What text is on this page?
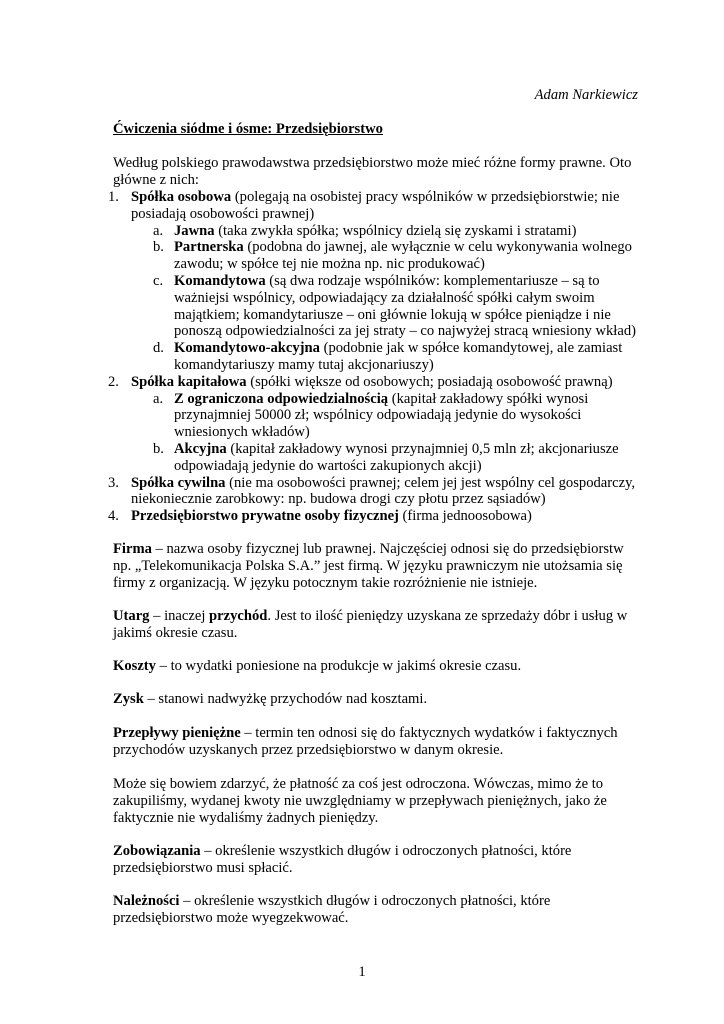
Adam Narkiewicz
Ćwiczenia siódme i ósme: Przedsiębiorstwo
Według polskiego prawodawstwa przedsiębiorstwo może mieć różne formy prawne. Oto główne z nich:
1. Spółka osobowa (polegają na osobistej pracy wspólników w przedsiębiorstwie; nie posiadają osobowości prawnej)
a. Jawna (taka zwykła spółka; wspólnicy dzielą się zyskami i stratami)
b. Partnerska (podobna do jawnej, ale wyłącznie w celu wykonywania wolnego zawodu; w spółce tej nie można np. nic produkować)
c. Komandytowa (są dwa rodzaje wspólników: komplementariusze – są to ważniejsi wspólnicy, odpowiadający za działalność spółki całym swoim majątkiem; komandytariusze – oni głównie lokują w spółce pieniądze i nie ponoszą odpowiedzialności za jej straty – co najwyżej stracą wniesiony wkład)
d. Komandytowo-akcyjna (podobnie jak w spółce komandytowej, ale zamiast komandytariuszy mamy tutaj akcjonariuszy)
2. Spółka kapitałowa (spółki większe od osobowych; posiadają osobowość prawną)
a. Z ograniczona odpowiedzialnością (kapitał zakładowy spółki wynosi przynajmniej 50000 zł; wspólnicy odpowiadają jedynie do wysokości wniesionych wkładów)
b. Akcyjna (kapitał zakładowy wynosi przynajmniej 0,5 mln zł; akcjonariusze odpowiadają jedynie do wartości zakupionych akcji)
3. Spółka cywilna (nie ma osobowości prawnej; celem jej jest wspólny cel gospodarczy, niekoniecznie zarobkowy: np. budowa drogi czy płotu przez sąsiadów)
4. Przedsiębiorstwo prywatne osoby fizycznej (firma jednoosobowa)
Firma – nazwa osoby fizycznej lub prawnej. Najczęściej odnosi się do przedsiębiorstw np. „Telekomunikacja Polska S.A.” jest firmą. W języku prawniczym nie utożsamia się firmy z organizacją. W języku potocznym takie rozróżnienie nie istnieje.
Utarg – inaczej przychód. Jest to ilość pieniędzy uzyskana ze sprzedaży dóbr i usług w jakimś okresie czasu.
Koszty – to wydatki poniesione na produkcje w jakimś okresie czasu.
Zysk – stanowi nadwyżkę przychodów nad kosztami.
Przepływy pieniężne – termin ten odnosi się do faktycznych wydatków i faktycznych przychodów uzyskanych przez przedsiębiorstwo w danym okresie.
Może się bowiem zdarzyć, że płatność za coś jest odroczona. Wówczas, mimo że to zakupiliśmy, wydanej kwoty nie uwzględniamy w przepływach pieniężnych, jako że faktycznie nie wydaliśmy żadnych pieniędzy.
Zobowiązania – określenie wszystkich długów i odroczonych płatności, które przedsiębiorstwo musi spłacić.
Należności – określenie wszystkich długów i odroczonych płatności, które przedsiębiorstwo może wyegzekwować.
1
